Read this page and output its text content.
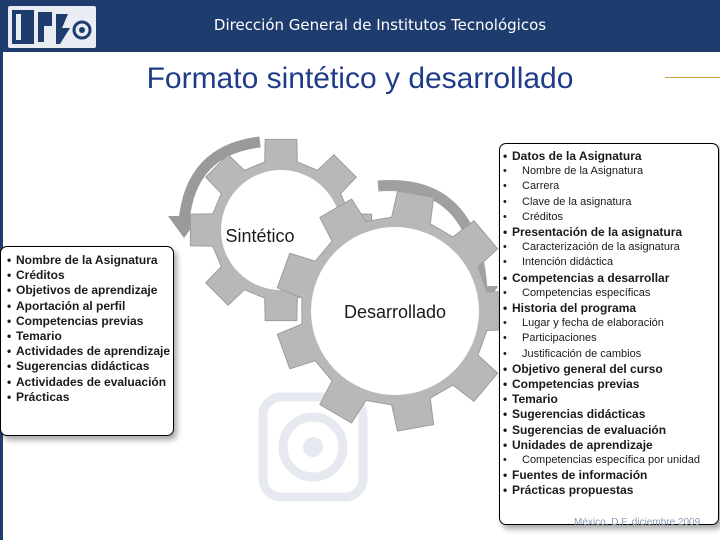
Dirección General de Institutos Tecnológicos
Formato sintético y desarrollado
Sintético
Desarrollado
• Nombre de la Asignatura
• Créditos
• Objetivos de aprendizaje
• Aportación al perfil
• Competencias previas
• Temario
• Actividades de aprendizaje
• Sugerencias didácticas
• Actividades de evaluación
• Prácticas
• Datos de la Asignatura
• Nombre de la Asignatura
• Carrera
• Clave de la asignatura
• Créditos
• Presentación de la asignatura
• Caracterización de la asignatura
• Intención didáctica
• Competencias a desarrollar
• Competencias específicas
• Historia del programa
• Lugar y fecha de elaboración
• Participaciones
• Justificación de cambios
• Objetivo general del curso
• Competencias previas
• Temario
• Sugerencias didácticas
• Sugerencias de evaluación
• Unidades de aprendizaje
• Competencias específica por unidad
• Fuentes de información
• Prácticas propuestas
México, D.F. diciembre 2009
